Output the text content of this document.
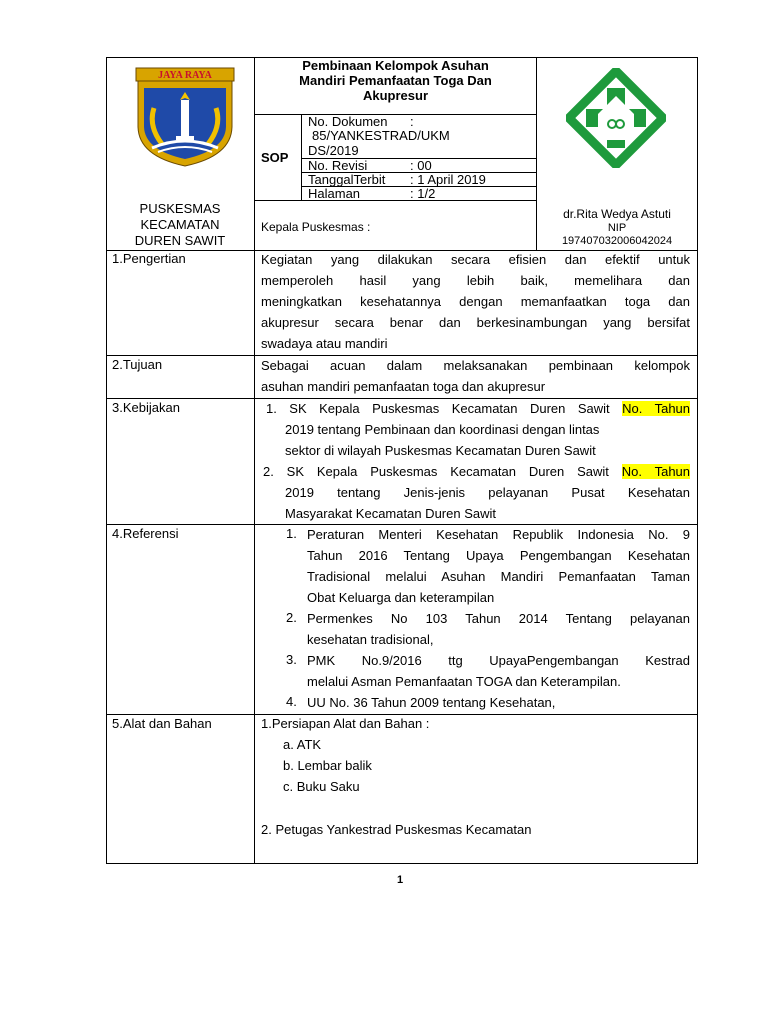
JAYA RAYA
PUSKESMAS
KECAMATAN
DUREN SAWIT
Pembinaan Kelompok Asuhan
Mandiri Pemanfaatan Toga Dan
Akupresur
SOP
No. Dokumen :
85/YANKESTRAD/UKM
DS/2019
No. Revisi	: 00
TanggalTerbit : 1 April 2019
Halaman	: 1/2
Kepala Puskesmas :
dr.Rita Wedya Astuti
NIP
197407032006042024
1.Pengertian	Kegiatan yang dilakukan secara efisien dan efektif untuk

memperoleh hasil yang lebih baik, memelihara dan

meningkatkan kesehatannya dengan memanfaatkan toga dan

akupresur secara benar dan berkesinambungan yang bersifat

swadaya atau mandiri

2.Tujuan	Sebagai acuan dalam melaksanakan pembinaan kelompok

asuhan mandiri pemanfaatan toga dan akupresur

3.Kebijakan	1. SK Kepala Puskesmas Kecamatan Duren Sawit No. Tahun

2019 tentang Pembinaan dan koordinasi dengan lintas

sektor di wilayah Puskesmas Kecamatan Duren Sawit

2. SK Kepala Puskesmas Kecamatan Duren Sawit No. Tahun

2019 tentang Jenis-jenis pelayanan Pusat Kesehatan

Masyarakat Kecamatan Duren Sawit

4.Referensi	1. Peraturan Menteri Kesehatan Republik Indonesia No. 9

Tahun 2016 Tentang Upaya Pengembangan Kesehatan

Tradisional melalui Asuhan Mandiri Pemanfaatan Taman

Obat Keluarga dan keterampilan

2. Permenkes No 103 Tahun 2014 Tentang pelayanan

kesehatan tradisional,

3. PMK No.9/2016 ttg UpayaPengembangan Kestrad

melalui Asman Pemanfaatan TOGA dan Keterampilan.

4. UU No. 36 Tahun 2009 tentang Kesehatan,

5.Alat dan Bahan	1.Persiapan Alat dan Bahan :
a. ATK
b. Lembar balik
c. Buku Saku
2. Petugas Yankestrad Puskesmas Kecamatan
1
